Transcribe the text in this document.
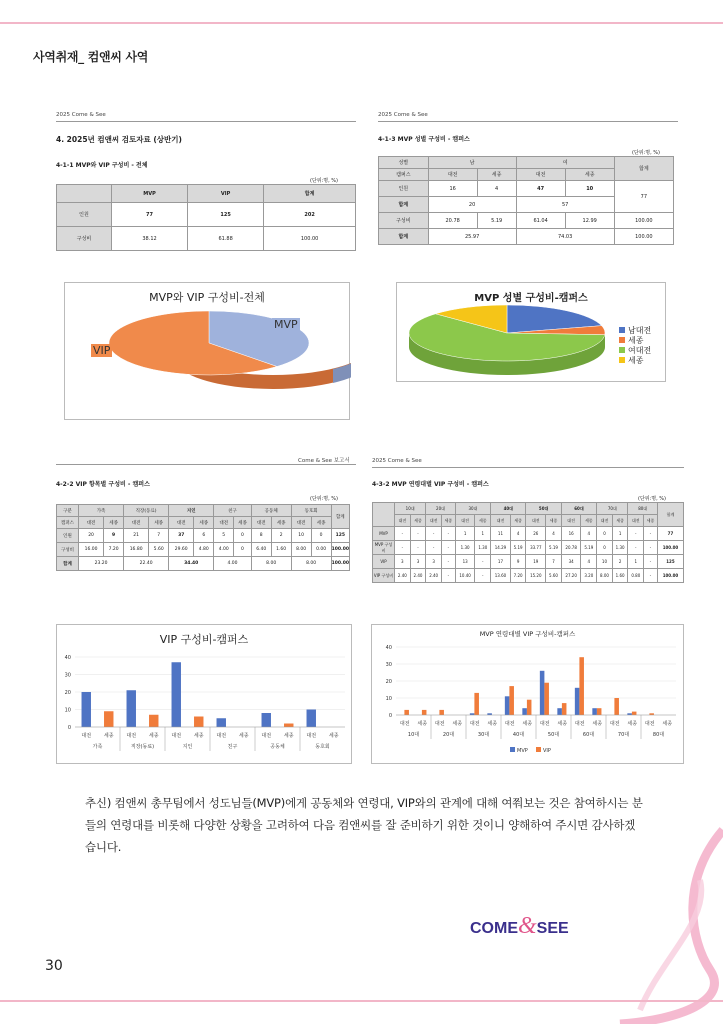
사역취재_ 컴앤씨 사역
2025 Come & See
4. 2025년 컴앤씨 검토자료 (상반기)
4-1-1 MVP와 VIP 구성비 - 전체
(단위:명, %)
	MVP	VIP	합계
인원	77	125	202
구성비	38.12	61.88	100.00
2025 Come & See
4-1-3 MVP 성별 구성비 - 캠퍼스
(단위:명, %)
성별	남		여		합계
캠퍼스	대전	세종	대전	세종	
인원	16	4	47	10	77
합계	20		57		
구성비	20.78	5.19	61.04	12.99	100.00
합계	25.97		74.03		100.00
MVP와 VIP 구성비-전체
MVP
VIP
MVP 성별 구성비-캠퍼스
남대전
세종
여대전
세종
Come & See 보고서
4-2-2 VIP 항목별 구성비 - 캠퍼스
(단위:명, %)
구분	가족		직장(동료)		지인		친구		공동체		동호회		합계
캠퍼스	대전	세종	대전	세종	대전	세종	대전	세종	대전	세종	대전	세종	
인원	20	9	21	7	37	6	5	0	8	2	10	0	125
구성비	16.00	7.20	16.80	5.60	29.60	4.80	4.00	0	6.40	1.60	8.00	0.00	100.00
합계	23.20		22.40		34.40		4.00		8.00		8.00		100.00
2025 Come & See
4-3-2 MVP 연령대별 VIP 구성비 - 캠퍼스
(단위:명, %)
	10대		20대		30대		40대		50대		60대		70대		80대		합계
	대전	세종	대전	세종	대전	세종	대전	세종	대전	세종	대전	세종	대전	세종	대전	세종	
MVP	-	-	-	-	1	1	11	4	26	4	16	4	0	1	-	-	77
MVP 구성비	-	-	-	-	1.30	1.30	14.29	5.19	33.77	5.19	20.78	5.19	0	1.30	-	-	100.00
VIP	3	3	3	-	13	-	17	9	19	7	34	4	10	2	1	-	125
VIP 구성비	2.40	2.40	2.40	-	10.40	-	13.60	7.20	15.20	5.60	27.20	3.20	8.00	1.60	0.80	-	100.00
VIP 구성비-캠퍼스
0
10
20
30
40
대전	세종	대전	세종	대전	세종	대전	세종	대전	세종	대전	세종
가족	직장(동료)	지인	친구	공동체	동호회
MVP 연령대별 VIP 구성비-캠퍼스
0
10
20
30
40
대전 세종 대전 세종 대전 세종 대전 세종 대전 세종 대전 세종 대전 세종 대전 세종
10대	20대	30대	40대	50대	60대	70대	80대
MVP	VIP
추신) 컴앤씨 총무팀에서 성도님들(MVP)에게 공동체와 연령대, VIP와의 관계에 대해 여쭤보는 것은 참여하시는 분들의 연령대를 비롯해 다양한 상황을 고려하여 다음 컴앤씨를 잘 준비하기 위한 것이니 양해하여 주시면 감사하겠습니다.
COME&SEE
30
